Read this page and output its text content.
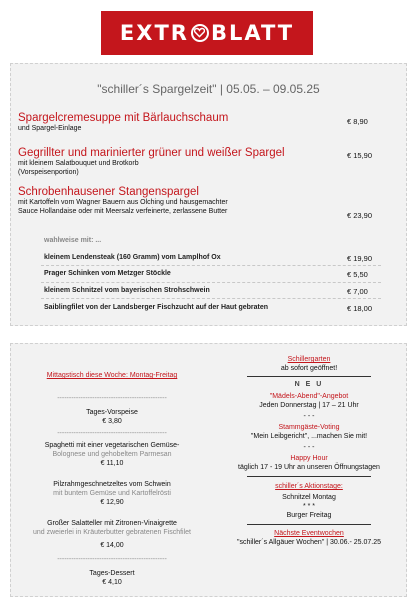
EXTR BLATT
"schiller´s Spargelzeit" | 05.05. – 09.05.25
Spargelcremesuppe mit Bärlauchschaum
und Spargel-Einlage
€ 8,90
Gegrillter und marinierter grüner und weißer Spargel
mit kleinem Salatbouquet und Brotkorb
(Vorspeisenportion)
€ 15,90
Schrobenhausener Stangenspargel
mit Kartoffeln vom Wagner Bauern aus Olching und hausgemachter
Sauce Hollandaise oder mit Meersalz verfeinerte, zerlassene Butter	€ 23,90
wahlweise mit: ...
kleinem Lendensteak (160 Gramm) vom Lamplhof Ox	€ 19,90
Prager Schinken vom Metzger Stöckle	€ 5,50
kleinem Schnitzel vom bayerischen Strohschwein	€ 7,00
Saiblingfilet von der Landsberger Fischzucht auf der Haut gebraten	€ 18,00
Mittagstisch diese Woche: Montag-Freitag
-----------------------------------------------
Tages-Vorspeise
€ 3,80
-----------------------------------------------
Spaghetti mit einer vegetarischen Gemüse-
Bolognese und gehobeltem Parmesan
€ 11,10
Pilzrahmgeschnetzeltes vom Schwein
mit buntem Gemüse und Kartoffelrösti
€ 12,90
Großer Salatteller mit Zitronen-Vinaigrette
und zweierlei in Kräuterbutter gebratenen Fischfilet
€ 14,00
-----------------------------------------------
Tages-Dessert
€ 4,10
Schillergarten
ab sofort geöffnet!
N E U
"Mädels-Abend"-Angebot
Jeden Donnerstag | 17 – 21 Uhr
- - -
Stammgäste-Voting
"Mein Leibgericht", ...machen Sie mit!
- - -
Happy Hour
täglich 17 - 19 Uhr an unseren Öffnungstagen
schiller´s Aktionstage:
Schnitzel Montag
* * *
Burger Freitag
Nächste Eventwochen
"schiller´s Allgäuer Wochen" | 30.06.- 25.07.25
